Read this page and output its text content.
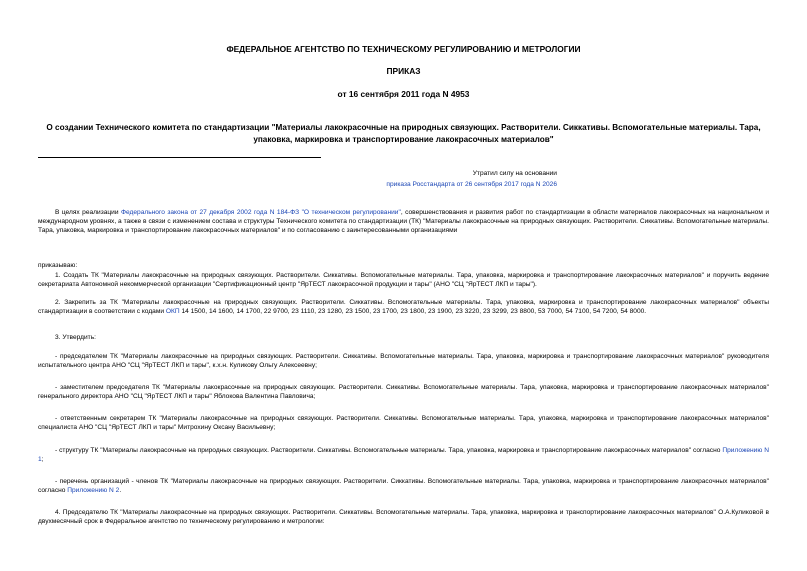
ФЕДЕРАЛЬНОЕ АГЕНТСТВО ПО ТЕХНИЧЕСКОМУ РЕГУЛИРОВАНИЮ И МЕТРОЛОГИИ
ПРИКАЗ
от 16 сентября 2011 года N 4953
О создании Технического комитета по стандартизации "Материалы лакокрасочные на природных связующих. Растворители. Сиккативы. Вспомогательные материалы. Тара, упаковка, маркировка и транспортирование лакокрасочных материалов"
Утратил силу на основании
приказа Росстандарта от 26 сентября 2017 года N 2026
В целях реализации Федерального закона от 27 декабря 2002 года N 184-ФЗ "О техническом регулировании", совершенствования и развития работ по стандартизации в области материалов лакокрасочных на национальном и международном уровнях, а также в связи с изменением состава и структуры Технического комитета по стандартизации (ТК) "Материалы лакокрасочные на природных связующих. Растворители. Сиккативы. Вспомогательные материалы. Тара, упаковка, маркировка и транспортирование лакокрасочных материалов" и по согласованию с заинтересованными организациями
приказываю:
1. Создать ТК "Материалы лакокрасочные на природных связующих. Растворители. Сиккативы. Вспомогательные материалы. Тара, упаковка, маркировка и транспортирование лакокрасочных материалов" и поручить ведение секретариата Автономной некоммерческой организации "Сертификационный центр "ЯрТЕСТ лакокрасочной продукции и тары" (АНО "СЦ "ЯрТЕСТ ЛКП и тары").
2. Закрепить за ТК "Материалы лакокрасочные на природных связующих. Растворители. Сиккативы. Вспомогательные материалы. Тара, упаковка, маркировка и транспортирование лакокрасочных материалов" объекты стандартизации в соответствии с кодами ОКП 14 1500, 14 1600, 14 1700, 22 9700, 23 1110, 23 1280, 23 1500, 23 1700, 23 1800, 23 1900, 23 3220, 23 3299, 23 8800, 53 7000, 54 7100, 54 7200, 54 8000.
3. Утвердить:
- председателем ТК "Материалы лакокрасочные на природных связующих. Растворители. Сиккативы. Вспомогательные материалы. Тара, упаковка, маркировка и транспортирование лакокрасочных материалов" руководителя испытательного центра АНО "СЦ "ЯрТЕСТ ЛКП и тары", к.х.н. Куликову Ольгу Алексеевну;
- заместителем председателя ТК "Материалы лакокрасочные на природных связующих. Растворители. Сиккативы. Вспомогательные материалы. Тара, упаковка, маркировка и транспортирование лакокрасочных материалов" генерального директора АНО "СЦ "ЯрТЕСТ ЛКП и тары" Яблокова Валентина Павловича;
- ответственным секретарем ТК "Материалы лакокрасочные на природных связующих. Растворители. Сиккативы. Вспомогательные материалы. Тара, упаковка, маркировка и транспортирование лакокрасочных материалов" специалиста АНО "СЦ "ЯрТЕСТ ЛКП и тары" Митрохину Оксану Васильевну;
- структуру ТК "Материалы лакокрасочные на природных связующих. Растворители. Сиккативы. Вспомогательные материалы. Тара, упаковка, маркировка и транспортирование лакокрасочных материалов" согласно Приложению N 1;
- перечень организаций - членов ТК "Материалы лакокрасочные на природных связующих. Растворители. Сиккативы. Вспомогательные материалы. Тара, упаковка, маркировка и транспортирование лакокрасочных материалов" согласно Приложению N 2.
4. Председателю ТК "Материалы лакокрасочные на природных связующих. Растворители. Сиккативы. Вспомогательные материалы. Тара, упаковка, маркировка и транспортирование лакокрасочных материалов" О.А.Куликовой в двухмесячный срок в Федеральное агентство по техническому регулированию и метрологии:
